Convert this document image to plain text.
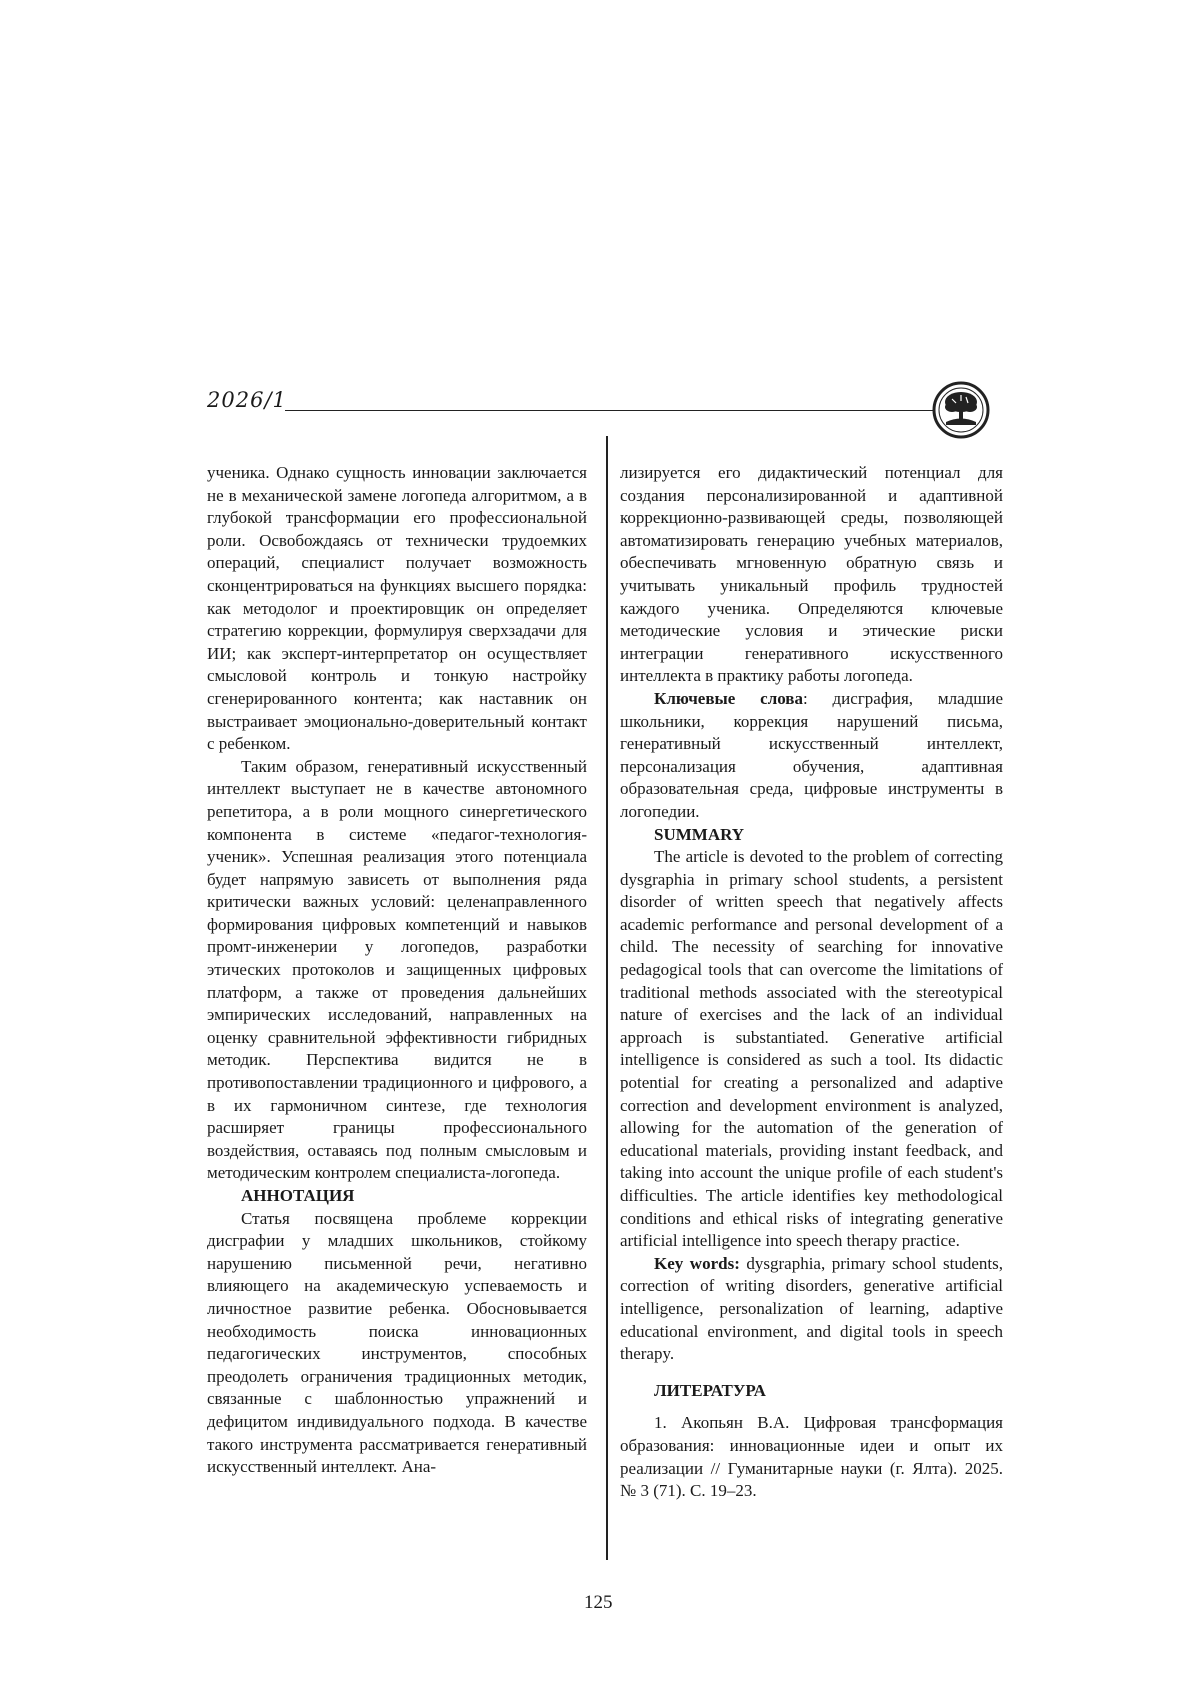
2026/1

ученика. Однако сущность инновации заключается не в механической замене логопеда алгоритмом, а в глубокой трансформации его профессиональной роли. Освобождаясь от технически трудоемких операций, специалист получает возможность сконцентрироваться на функциях высшего порядка: как методолог и проектировщик он определяет стратегию коррекции, формулируя сверхзадачи для ИИ; как эксперт-интерпретатор он осуществляет смысловой контроль и тонкую настройку сгенерированного контента; как наставник он выстраивает эмоционально-доверительный контакт с ребенком.

Таким образом, генеративный искусственный интеллект выступает не в качестве автономного репетитора, а в роли мощного синергетического компонента в системе «педагог-технология-ученик». Успешная реализация этого потенциала будет напрямую зависеть от выполнения ряда критически важных условий: целенаправленного формирования цифровых компетенций и навыков промт-инженерии у логопедов, разработки этических протоколов и защищенных цифровых платформ, а также от проведения дальнейших эмпирических исследований, направленных на оценку сравнительной эффективности гибридных методик. Перспектива видится не в противопоставлении традиционного и цифрового, а в их гармоничном синтезе, где технология расширяет границы профессионального воздействия, оставаясь под полным смысловым и методическим контролем специалиста-логопеда.

АННОТАЦИЯ

Статья посвящена проблеме коррекции дисграфии у младших школьников, стойкому нарушению письменной речи, негативно влияющего на академическую успеваемость и личностное развитие ребенка. Обосновывается необходимость поиска инновационных педагогических инструментов, способных преодолеть ограничения традиционных методик, связанные с шаблонностью упражнений и дефицитом индивидуального подхода. В качестве такого инструмента рассматривается генеративный искусственный интеллект. Ана-

лизируется его дидактический потенциал для создания персонализированной и адаптивной коррекционно-развивающей среды, позволяющей автоматизировать генерацию учебных материалов, обеспечивать мгновенную обратную связь и учитывать уникальный профиль трудностей каждого ученика. Определяются ключевые методические условия и этические риски интеграции генеративного искусственного интеллекта в практику работы логопеда.

Ключевые слова: дисграфия, младшие школьники, коррекция нарушений письма, генеративный искусственный интеллект, персонализация обучения, адаптивная образовательная среда, цифровые инструменты в логопедии.

SUMMARY

The article is devoted to the problem of correcting dysgraphia in primary school students, a persistent disorder of written speech that negatively affects academic performance and personal development of a child. The necessity of searching for innovative pedagogical tools that can overcome the limitations of traditional methods associated with the stereotypical nature of exercises and the lack of an individual approach is substantiated. Generative artificial intelligence is considered as such a tool. Its didactic potential for creating a personalized and adaptive correction and development environment is analyzed, allowing for the automation of the generation of educational materials, providing instant feedback, and taking into account the unique profile of each student's difficulties. The article identifies key methodological conditions and ethical risks of integrating generative artificial intelligence into speech therapy practice.

Key words: dysgraphia, primary school students, correction of writing disorders, generative artificial intelligence, personalization of learning, adaptive educational environment, and digital tools in speech therapy.

ЛИТЕРАТУРА

1. Акопьян В.А. Цифровая трансформация образования: инновационные идеи и опыт их реализации // Гуманитарные науки (г. Ялта). 2025. № 3 (71). С. 19–23.

125
